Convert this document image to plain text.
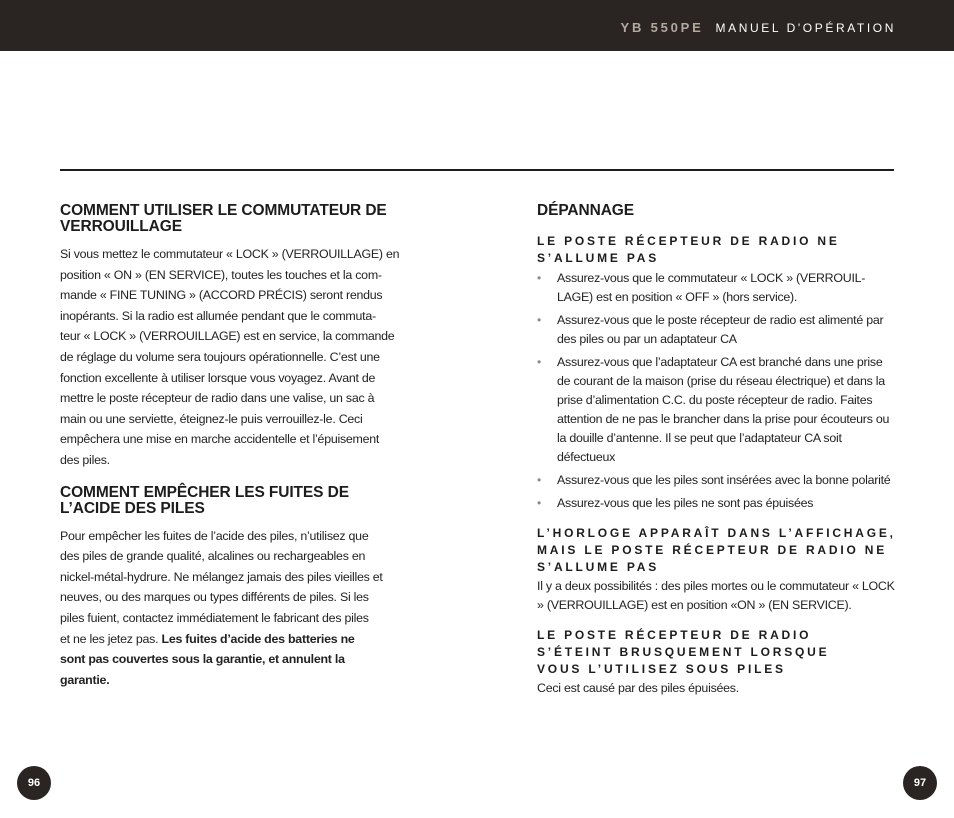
YB 550PE MANUEL D'OPÉRATION
COMMENT UTILISER LE COMMUTATEUR DE VERROUILLAGE

Si vous mettez le commutateur « LOCK » (VERROUILLAGE) en
position « ON » (EN SERVICE), toutes les touches et la com-
mande « FINE TUNING » (ACCORD PRÉCIS) seront rendus
inopérants. Si la radio est allumée pendant que le commuta-
teur « LOCK » (VERROUILLAGE) est en service, la commande
de réglage du volume sera toujours opérationnelle. C’est une
fonction excellente à utiliser lorsque vous voyagez. Avant de
mettre le poste récepteur de radio dans une valise, un sac à
main ou une serviette, éteignez-le puis verrouillez-le. Ceci
empêchera une mise en marche accidentelle et l’épuisement
des piles.

COMMENT EMPÊCHER LES FUITES DE L’ACIDE DES PILES

Pour empêcher les fuites de l’acide des piles, n’utilisez que
des piles de grande qualité, alcalines ou rechargeables en
nickel-métal-hydrure. Ne mélangez jamais des piles vieilles et
neuves, ou des marques ou types différents de piles. Si les
piles fuient, contactez immédiatement le fabricant des piles
et ne les jetez pas. Les fuites d’acide des batteries ne
sont pas couvertes sous la garantie, et annulent la
garantie.

DÉPANNAGE
LE POSTE RÉCEPTEUR DE RADIO NE S’ALLUME PAS
• Assurez-vous que le commutateur « LOCK » (VERROUIL-LAGE) est en position « OFF » (hors service).
• Assurez-vous que le poste récepteur de radio est alimenté par des piles ou par un adaptateur CA
• Assurez-vous que l’adaptateur CA est branché dans une prise de courant de la maison (prise du réseau électrique) et dans la prise d’alimentation C.C. du poste récepteur de radio. Faites attention de ne pas le brancher dans la prise pour écouteurs ou la douille d’antenne. Il se peut que l’adaptateur CA soit défectueux
• Assurez-vous que les piles sont insérées avec la bonne polarité
• Assurez-vous que les piles ne sont pas épuisées
L’HORLOGE APPARAÎT DANS L’AFFICHAGE, MAIS LE POSTE RÉCEPTEUR DE RADIO NE S’ALLUME PAS

Il y a deux possibilités : des piles mortes ou le commutateur « LOCK » (VERROUILLAGE) est en position «ON » (EN SERVICE).

LE POSTE RÉCEPTEUR DE RADIO S’ÉTEINT BRUSQUEMENT LORSQUE VOUS L’UTILISEZ SOUS PILES

Ceci est causé par des piles épuisées.

96	97
